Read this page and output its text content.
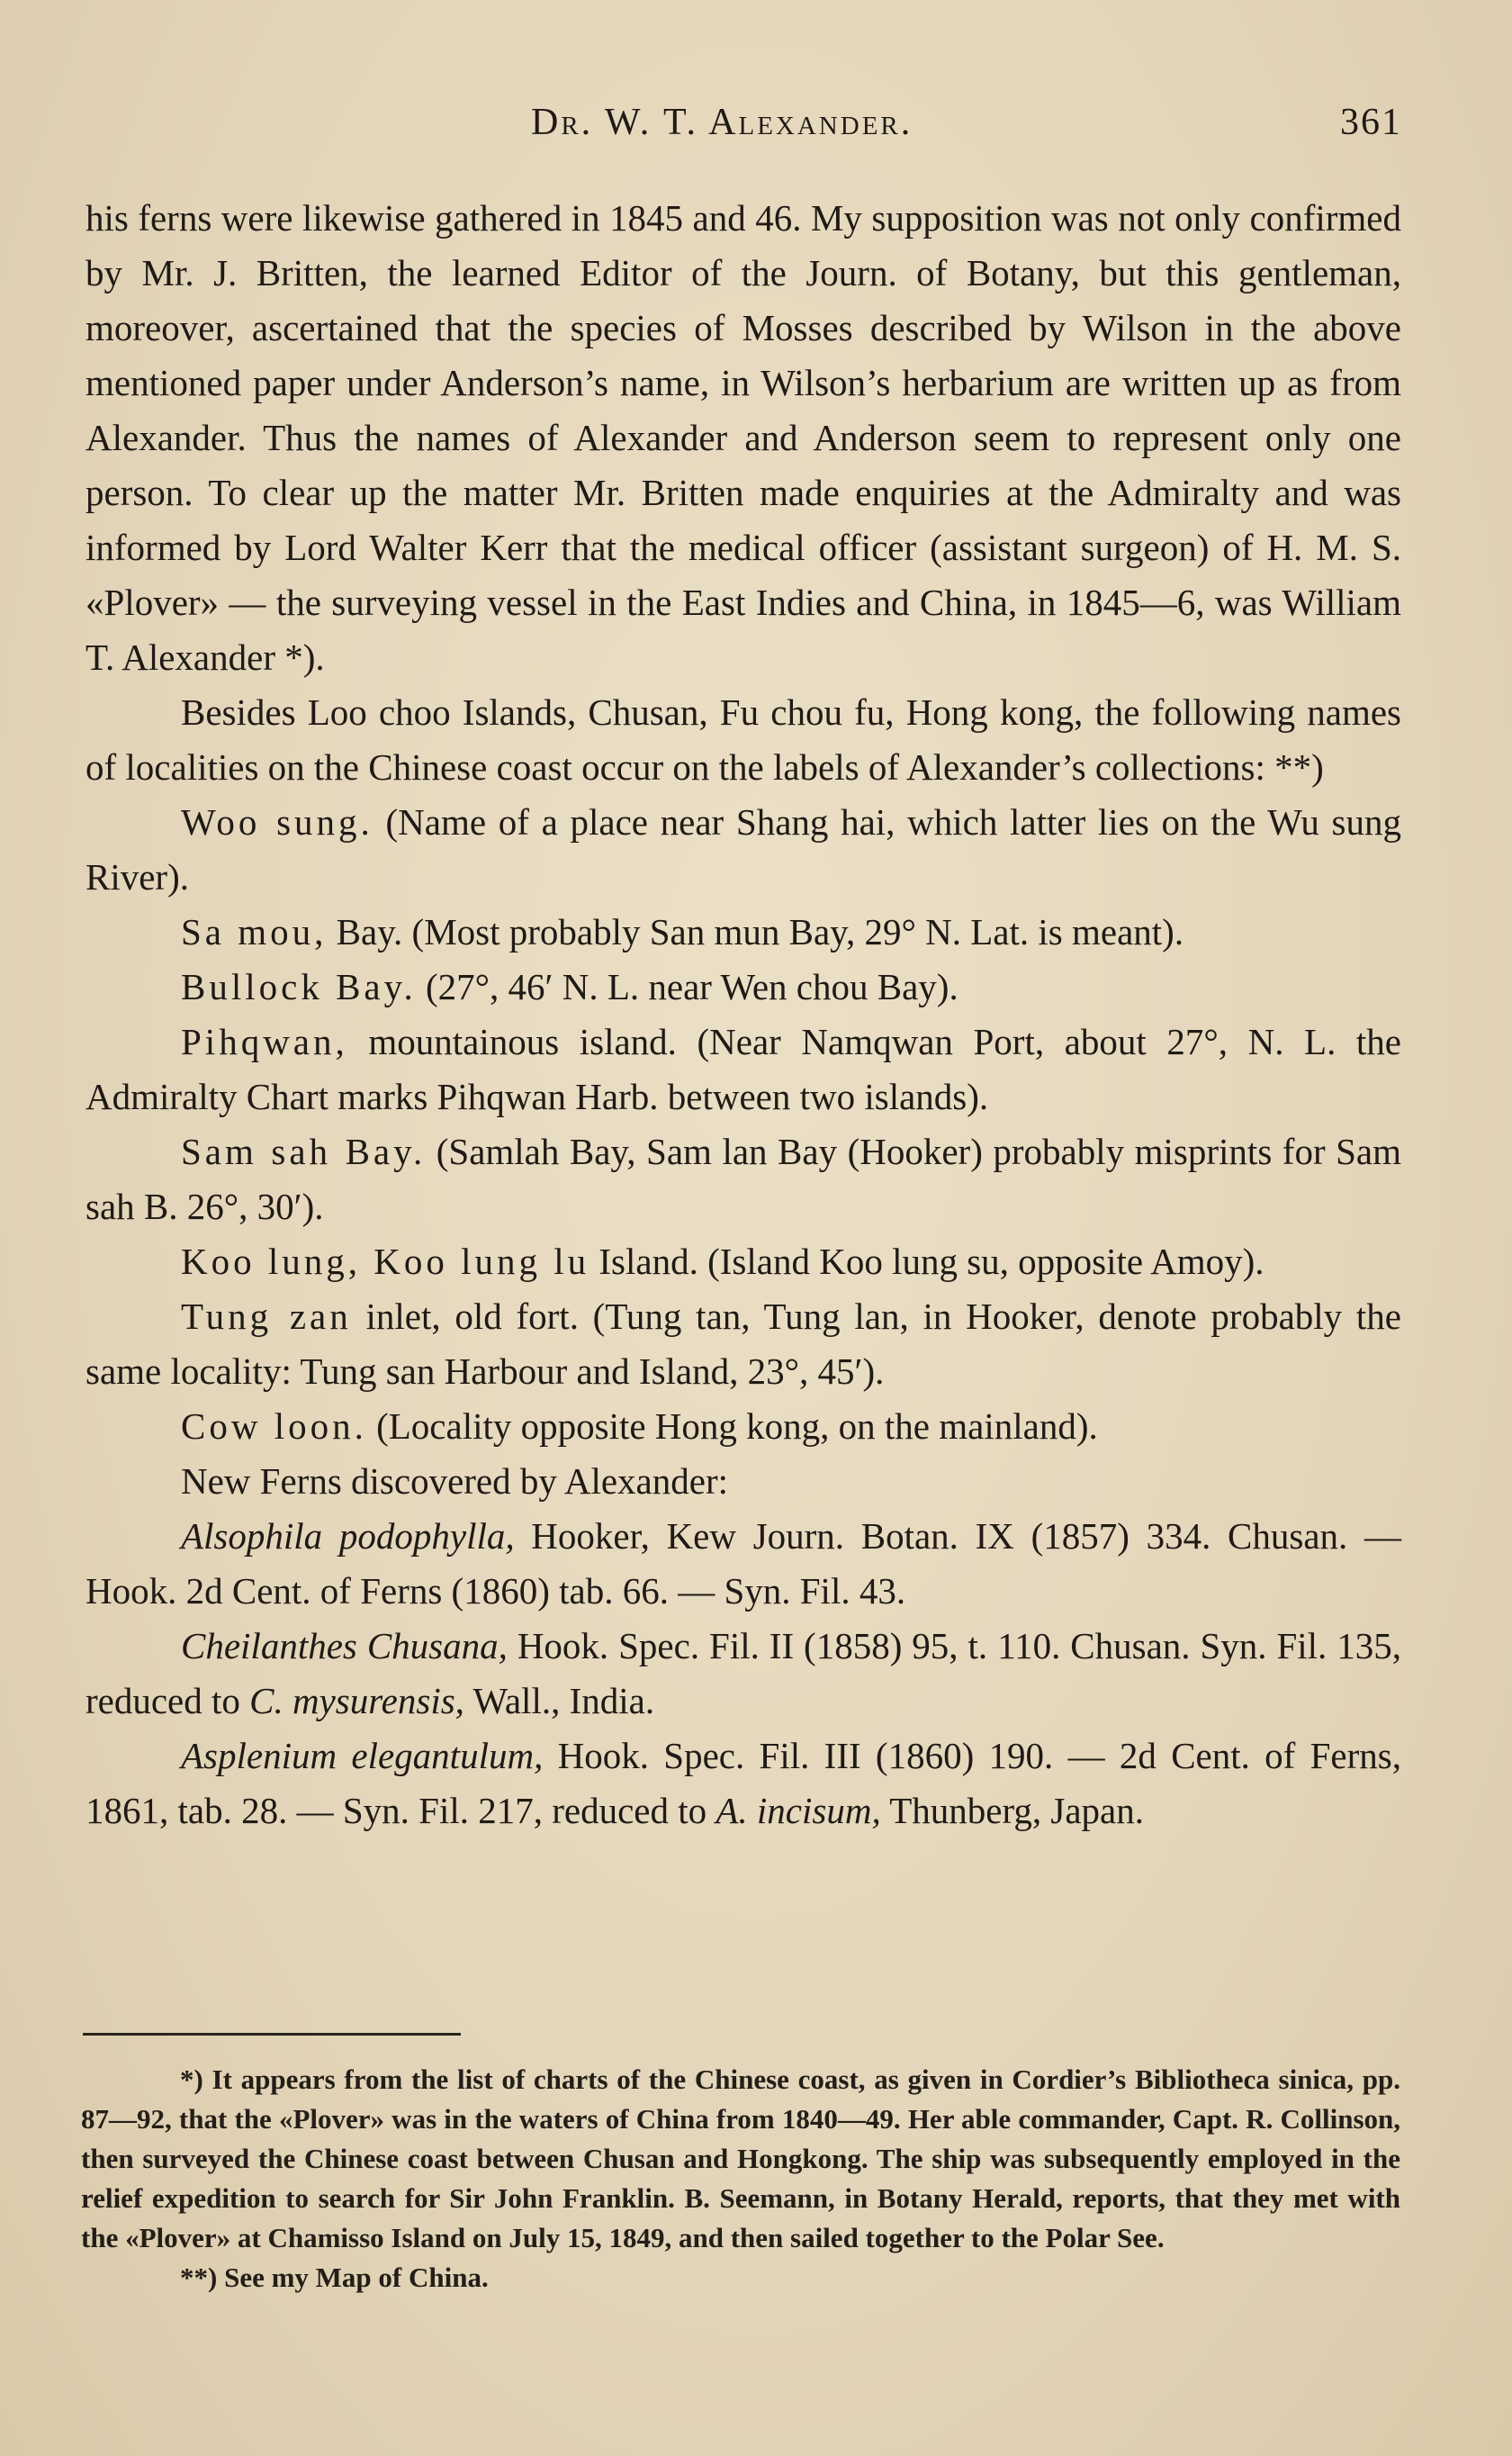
Dr. W. T. Alexander.	361

his ferns were likewise gathered in 1845 and 46. My supposition was not only confirmed by Mr. J. Britten, the learned Editor of the Journ. of Botany, but this gentleman, moreover, ascertained that the species of Mosses described by Wilson in the above mentioned paper under Anderson’s name, in Wilson’s herbarium are written up as from Alexander. Thus the names of Alexander and Anderson seem to represent only one person. To clear up the matter Mr. Britten made enquiries at the Admiralty and was informed by Lord Walter Kerr that the medical officer (assistant surgeon) of H. M. S. «Plover» — the surveying vessel in the East Indies and China, in 1845—6, was William T. Alexander *).

Besides Loo choo Islands, Chusan, Fu chou fu, Hong kong, the following names of localities on the Chinese coast occur on the labels of Alexander’s collections: **)

Woo sung. (Name of a place near Shang hai, which latter lies on the Wu sung River).

Sa mou, Bay. (Most probably San mun Bay, 29° N. Lat. is meant).

Bullock Bay. (27°, 46′ N. L. near Wen chou Bay).

Pihqwan, mountainous island. (Near Namqwan Port, about 27°, N. L. the Admiralty Chart marks Pihqwan Harb. between two islands).

Sam sah Bay. (Samlah Bay, Sam lan Bay (Hooker) probably misprints for Sam sah B. 26°, 30′).

Koo lung, Koo lung lu Island. (Island Koo lung su, opposite Amoy).

Tung zan inlet, old fort. (Tung tan, Tung lan, in Hooker, denote probably the same locality: Tung san Harbour and Island, 23°, 45′).

Cow loon. (Locality opposite Hong kong, on the mainland).

New Ferns discovered by Alexander:

Alsophila podophylla, Hooker, Kew Journ. Botan. IX (1857) 334. Chusan. — Hook. 2d Cent. of Ferns (1860) tab. 66. — Syn. Fil. 43.

Cheilanthes Chusana, Hook. Spec. Fil. II (1858) 95, t. 110. Chusan. Syn. Fil. 135, reduced to C. mysurensis, Wall., India.

Asplenium elegantulum, Hook. Spec. Fil. III (1860) 190. — 2d Cent. of Ferns, 1861, tab. 28. — Syn. Fil. 217, reduced to A. incisum, Thunberg, Japan.

*) It appears from the list of charts of the Chinese coast, as given in Cordier’s Bibliotheca sinica, pp. 87—92, that the «Plover» was in the waters of China from 1840—49. Her able commander, Capt. R. Collinson, then surveyed the Chinese coast between Chusan and Hongkong. The ship was subsequently employed in the relief expedition to search for Sir John Franklin. B. Seemann, in Botany Herald, reports, that they met with the «Plover» at Chamisso Island on July 15, 1849, and then sailed together to the Polar See.

**) See my Map of China.
